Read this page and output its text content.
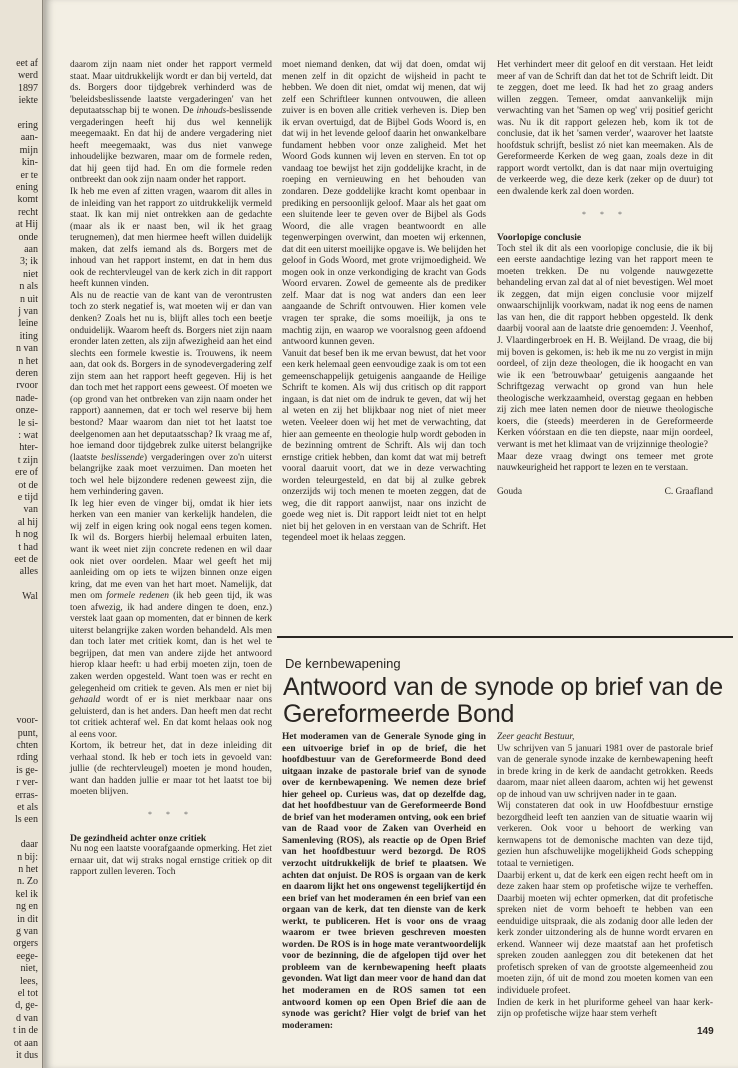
eet af
werd
1897
iekte
ering
aan-
mijn
kin-
er te
ening
komt
recht
at Hij
onde
aan
3; ik
niet
n als
n uit
j van
leine
iting
n van
n het
deren
rvoor
nade-
onze-
le si-
: wat
hter-
t zijn
ere of
ot de
e tijd
van
al hij
h nog
t had
eet de
alles
Wal
voor-
punt,
chten
rding
is ge-
r ver-
erras-
et als
ls een
daar
n bij:
n het
n. Zo
kel ik
ng en
in dit
g van
orgers
eege-
niet,
lees,
el tot
d, ge-
d van
t in de
ot aan
it dus

daarom zijn naam niet onder het rapport vermeld staat. Maar uitdrukkelijk wordt er dan bij verteld, dat ds. Borgers door tijdgebrek verhinderd was de 'beleidsbeslissende laatste vergaderingen' van het deputaatsschap bij te wonen. De inhouds-beslissende vergaderingen heeft hij dus wel kennelijk meegemaakt. En dat hij de andere vergadering niet heeft meegemaakt, was dus niet vanwege inhoudelijke bezwaren, maar om de formele reden, dat hij geen tijd had. En om die formele reden ontbreekt dan ook zijn naam onder het rapport.

Ik heb me even af zitten vragen, waarom dit alles in de inleiding van het rapport zo uitdrukkelijk vermeld staat. Ik kan mij niet ontrekken aan de gedachte (maar als ik er naast ben, wil ik het graag terugnemen), dat men hiermee heeft willen duidelijk maken, dat zelfs iemand als ds. Borgers met de inhoud van het rapport instemt, en dat in hem dus ook de rechtervleugel van de kerk zich in dit rapport heeft kunnen vinden.

Als nu de reactie van de kant van de verontrusten toch zo sterk negatief is, wat moeten wij er dan van denken? Zoals het nu is, blijft alles toch een beetje onduidelijk. Waarom heeft ds. Borgers niet zijn naam eronder laten zetten, als zijn afwezigheid aan het eind slechts een formele kwestie is. Trouwens, ik neem aan, dat ook ds. Borgers in de synodevergadering zelf zijn stem aan het rapport heeft gegeven. Hij is het dan toch met het rapport eens geweest. Of moeten we (op grond van het ontbreken van zijn naam onder het rapport) aannemen, dat er toch wel reserve bij hem bestond? Maar waarom dan niet tot het laatst toe deelgenomen aan het deputaatsschap? Ik vraag me af, hoe iemand door tijdgebrek zulke uiterst belangrijke (laatste beslissende) vergaderingen over zo'n uiterst belangrijke zaak moet verzuimen. Dan moeten het toch wel hele bijzondere redenen geweest zijn, die hem verhindering gaven.

Ik leg hier even de vinger bij, omdat ik hier iets herken van een manier van kerkelijk handelen, die wij zelf in eigen kring ook nogal eens tegen komen. Ik wil ds. Borgers hierbij helemaal erbuiten laten, want ik weet niet zijn concrete redenen en wil daar ook niet over oordelen. Maar wel geeft het mij aanleiding om op iets te wijzen binnen onze eigen kring, dat me even van het hart moet. Namelijk, dat men om formele redenen (ik heb geen tijd, ik was toen afwezig, ik had andere dingen te doen, enz.) verstek laat gaan op momenten, dat er binnen de kerk uiterst belangrijke zaken worden behandeld. Als men dan toch later met critiek komt, dan is het wel te begrijpen, dat men van andere zijde het antwoord hierop klaar heeft: u had erbij moeten zijn, toen de zaken werden opgesteld. Want toen was er recht en gelegenheid om critiek te geven. Als men er niet bij gehaald wordt of er is niet merkbaar naar ons geluisterd, dan is het anders. Dan heeft men dat recht tot critiek achteraf wel. En dat komt helaas ook nog al eens voor.

Kortom, ik betreur het, dat in deze inleiding dit verhaal stond. Ik heb er toch iets in gevoeld van: jullie (de rechtervleugel) moeten je mond houden, want dan hadden jullie er maar tot het laatst toe bij moeten blijven.

* * *
De gezindheid achter onze critiek

Nu nog een laatste voorafgaande opmerking. Het ziet ernaar uit, dat wij straks nogal ernstige critiek op dit rapport zullen leveren. Toch

moet niemand denken, dat wij dat doen, omdat wij menen zelf in dit opzicht de wijsheid in pacht te hebben. We doen dit niet, omdat wij menen, dat wij zelf een Schriftleer kunnen ontvouwen, die alleen zuiver is en boven alle critiek verheven is. Diep ben ik ervan overtuigd, dat de Bijbel Gods Woord is, en dat wij in het levende geloof daarin het onwankelbare fundament hebben voor onze zaligheid. Met het Woord Gods kunnen wij leven en sterven. En tot op vandaag toe bewijst het zijn goddelijke kracht, in de roeping en vernieuwing en het behouden van zondaren. Deze goddelijke kracht komt openbaar in prediking en persoonlijk geloof. Maar als het gaat om een sluitende leer te geven over de Bijbel als Gods Woord, die alle vragen beantwoordt en alle tegenwerpingen overwint, dan moeten wij erkennen, dat dit een uiterst moeilijke opgave is. We belijden het geloof in Gods Woord, met grote vrijmoedigheid. We mogen ook in onze verkondiging de kracht van Gods Woord ervaren. Zowel de gemeente als de prediker zelf. Maar dat is nog wat anders dan een leer aangaande de Schrift ontvouwen. Hier komen vele vragen ter sprake, die soms moeilijk, ja ons te machtig zijn, en waarop we vooralsnog geen afdoend antwoord kunnen geven.

Vanuit dat besef ben ik me ervan bewust, dat het voor een kerk helemaal geen eenvoudige zaak is om tot een gemeenschappelijk getuigenis aangaande de Heilige Schrift te komen. Als wij dus critisch op dit rapport ingaan, is dat niet om de indruk te geven, dat wij het al weten en zij het blijkbaar nog niet of niet meer weten. Veeleer doen wij het met de verwachting, dat hier aan gemeente en theologie hulp wordt geboden in de bezinning omtrent de Schrift. Als wij dan toch ernstige critiek hebben, dan komt dat wat mij betreft vooral daaruit voort, dat we in deze verwachting worden teleurgesteld, en dat bij al zulke gebrek onzerzijds wij toch menen te moeten zeggen, dat de weg, die dit rapport aanwijst, naar ons inzicht de goede weg niet is. Dit rapport leidt niet tot en helpt niet bij het geloven in en verstaan van de Schrift. Het tegendeel moet ik helaas zeggen.

Het verhindert meer dit geloof en dit verstaan. Het leidt meer af van de Schrift dan dat het tot de Schrift leidt. Dit te zeggen, doet me leed. Ik had het zo graag anders willen zeggen. Temeer, omdat aanvankelijk mijn verwachting van het 'Samen op weg' vrij positief gericht was. Nu ik dit rapport gelezen heb, kom ik tot de conclusie, dat ik het 'samen verder', waarover het laatste hoofdstuk schrijft, beslist zó niet kan meemaken. Als de Gereformeerde Kerken de weg gaan, zoals deze in dit rapport wordt vertolkt, dan is dat naar mijn overtuiging de verkeerde weg, die deze kerk (zeker op de duur) tot een dwalende kerk zal doen worden.

* * *
Voorlopige conclusie

Toch stel ik dit als een voorlopige conclusie, die ik bij een eerste aandachtige lezing van het rapport meen te moeten trekken. De nu volgende nauwgezette behandeling ervan zal dat al of niet bevestigen. Wel moet ik zeggen, dat mijn eigen conclusie voor mijzelf onwaarschijnlijk voorkwam, nadat ik nog eens de namen las van hen, die dit rapport hebben opgesteld. Ik denk daarbij vooral aan de laatste drie genoemden: J. Veenhof, J. Vlaardingerbroek en H. B. Weijland. De vraag, die bij mij boven is gekomen, is: heb ik me nu zo vergist in mijn oordeel, of zijn deze theologen, die ik hoogacht en van wie ik een 'betrouwbaar' getuigenis aangaande het Schriftgezag verwacht op grond van hun hele theologische werkzaamheid, overstag gegaan en hebben zij zich mee laten nemen door de nieuwe theologische koers, die (steeds) meerderen in de Gereformeerde Kerken vóórstaan en die ten diepste, naar mijn oordeel, verwant is met het klimaat van de vrijzinnige theologie?

Maar deze vraag dwingt ons temeer met grote nauwkeurigheid het rapport te lezen en te verstaan.

Gouda	C. Graafland
De kernbewapening
Antwoord van de synode op brief van de Gereformeerde Bond

Het moderamen van de Generale Synode ging in een uitvoerige brief in op de brief, die het hoofdbestuur van de Gereformeerde Bond deed uitgaan inzake de pastorale brief van de synode over de kernbewapening. We nemen deze brief hier geheel op. Curieus was, dat op dezelfde dag, dat het hoofdbestuur van de Gereformeerde Bond de brief van het moderamen ontving, ook een brief van de Raad voor de Zaken van Overheid en Samenleving (ROS), als reactie op de Open Brief van het hoofdbestuur werd bezorgd. De ROS verzocht uitdrukkelijk de brief te plaatsen. We achten dat onjuist. De ROS is orgaan van de kerk en daarom lijkt het ons ongewenst tegelijkertijd én een brief van het moderamen én een brief van een orgaan van de kerk, dat ten dienste van de kerk werkt, te publiceren. Het is voor ons de vraag waarom er twee brieven geschreven moesten worden. De ROS is in hoge mate verantwoordelijk voor de bezinning, die de afgelopen tijd over het probleem van de kernbewapening heeft plaats gevonden. Wat ligt dan meer voor de hand dan dat het moderamen en de ROS samen tot een antwoord komen op een Open Brief die aan de synode was gericht? Hier volgt de brief van het moderamen:

Zeer geacht Bestuur,

Uw schrijven van 5 januari 1981 over de pastorale brief van de generale synode inzake de kernbewapening heeft in brede kring in de kerk de aandacht getrokken. Reeds daarom, maar niet alleen daarom, achten wij het gewenst op de inhoud van uw schrijven nader in te gaan.

Wij constateren dat ook in uw Hoofdbestuur ernstige bezorgdheid leeft ten aanzien van de situatie waarin wij verkeren. Ook voor u behoort de werking van kernwapens tot de demonische machten van deze tijd, gezien hun afschuwelijke mogelijkheid Gods schepping totaal te vernietigen.

Daarbij erkent u, dat de kerk een eigen recht heeft om in deze zaken haar stem op profetische wijze te verheffen. Daarbij moeten wij echter opmerken, dat dit profetische spreken niet de vorm behoeft te hebben van een eenduidige uitspraak, die als zodanig door alle leden der kerk zonder uitzondering als de hunne wordt ervaren en erkend. Wanneer wij deze maatstaf aan het profetisch spreken zouden aanleggen zou dit betekenen dat het profetisch spreken of van de grootste algemeenheid zou moeten zijn, óf uit de mond zou moeten komen van een individuele profeet.

Indien de kerk in het pluriforme geheel van haar kerk-zijn op profetische wijze haar stem verheft

149
